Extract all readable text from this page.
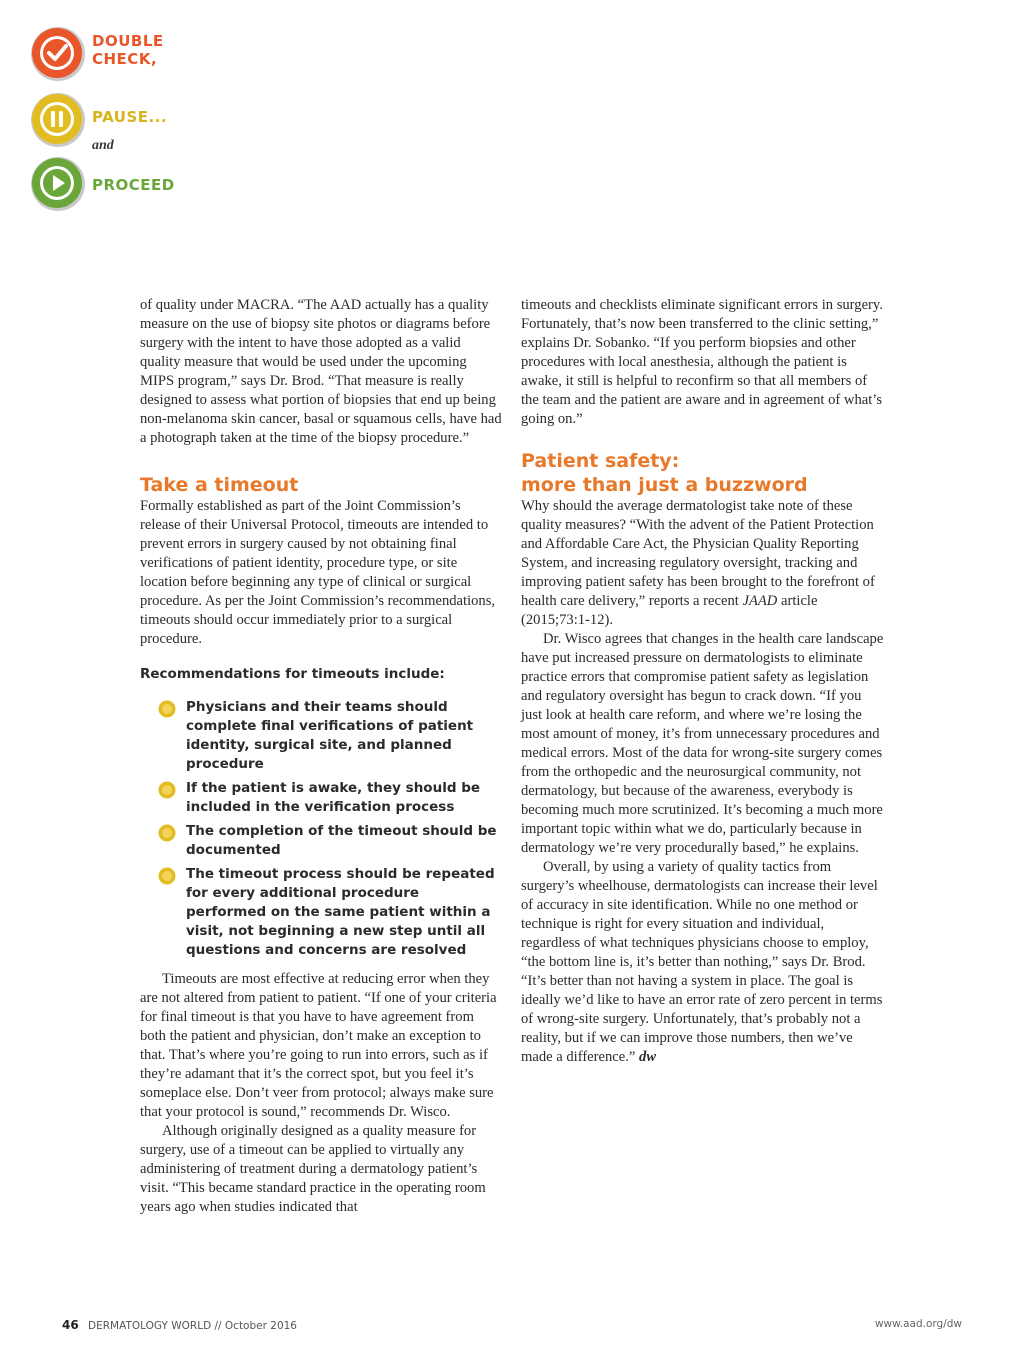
DOUBLE
CHECK,
PAUSE...
and
PROCEED

of quality under MACRA. “The AAD actually has a quality measure on the use of biopsy site photos or diagrams before surgery with the intent to have those adopted as a valid quality measure that would be used under the upcoming MIPS program,” says Dr. Brod. “That measure is really designed to assess what portion of biopsies that end up being non-melanoma skin cancer, basal or squamous cells, have had a photograph taken at the time of the biopsy procedure.”

Take a timeout

Formally established as part of the Joint Commission’s release of their Universal Protocol, timeouts are intended to prevent errors in surgery caused by not obtaining final verifications of patient identity, procedure type, or site location before beginning any type of clinical or surgical procedure. As per the Joint Commission’s recommendations, timeouts should occur immediately prior to a surgical procedure.

Recommendations for timeouts include:
Physicians and their teams should complete final verifications of patient identity, surgical site, and planned procedure
If the patient is awake, they should be included in the verification process
The completion of the timeout should be documented
The timeout process should be repeated for every additional procedure performed on the same patient within a visit, not beginning a new step until all questions and concerns are resolved

Timeouts are most effective at reducing error when they are not altered from patient to patient. “If one of your criteria for final timeout is that you have to have agreement from both the patient and physician, don’t make an exception to that. That’s where you’re going to run into errors, such as if they’re adamant that it’s the correct spot, but you feel it’s someplace else. Don’t veer from protocol; always make sure that your protocol is sound,” recommends Dr. Wisco.

Although originally designed as a quality measure for surgery, use of a timeout can be applied to virtually any administering of treatment during a dermatology patient’s visit. “This became standard practice in the operating room years ago when studies indicated that

timeouts and checklists eliminate significant errors in surgery. Fortunately, that’s now been transferred to the clinic setting,” explains Dr. Sobanko. “If you perform biopsies and other procedures with local anesthesia, although the patient is awake, it still is helpful to reconfirm so that all members of the team and the patient are aware and in agreement of what’s going on.”

Patient safety:
more than just a buzzword

Why should the average dermatologist take note of these quality measures? “With the advent of the Patient Protection and Affordable Care Act, the Physician Quality Reporting System, and increasing regulatory oversight, tracking and improving patient safety has been brought to the forefront of health care delivery,” reports a recent JAAD article (2015;73:1-12).

Dr. Wisco agrees that changes in the health care landscape have put increased pressure on dermatologists to eliminate practice errors that compromise patient safety as legislation and regulatory oversight has begun to crack down. “If you just look at health care reform, and where we’re losing the most amount of money, it’s from unnecessary procedures and medical errors. Most of the data for wrong-site surgery comes from the orthopedic and the neurosurgical community, not dermatology, but because of the awareness, everybody is becoming much more scrutinized. It’s becoming a much more important topic within what we do, particularly because in dermatology we’re very procedurally based,” he explains.

Overall, by using a variety of quality tactics from surgery’s wheelhouse, dermatologists can increase their level of accuracy in site identification. While no one method or technique is right for every situation and individual, regardless of what techniques physicians choose to employ, “the bottom line is, it’s better than nothing,” says Dr. Brod. “It’s better than not having a system in place. The goal is ideally we’d like to have an error rate of zero percent in terms of wrong-site surgery. Unfortunately, that’s probably not a reality, but if we can improve those numbers, then we’ve made a difference.” dw

46 DERMATOLOGY WORLD // October 2016	www.aad.org/dw
